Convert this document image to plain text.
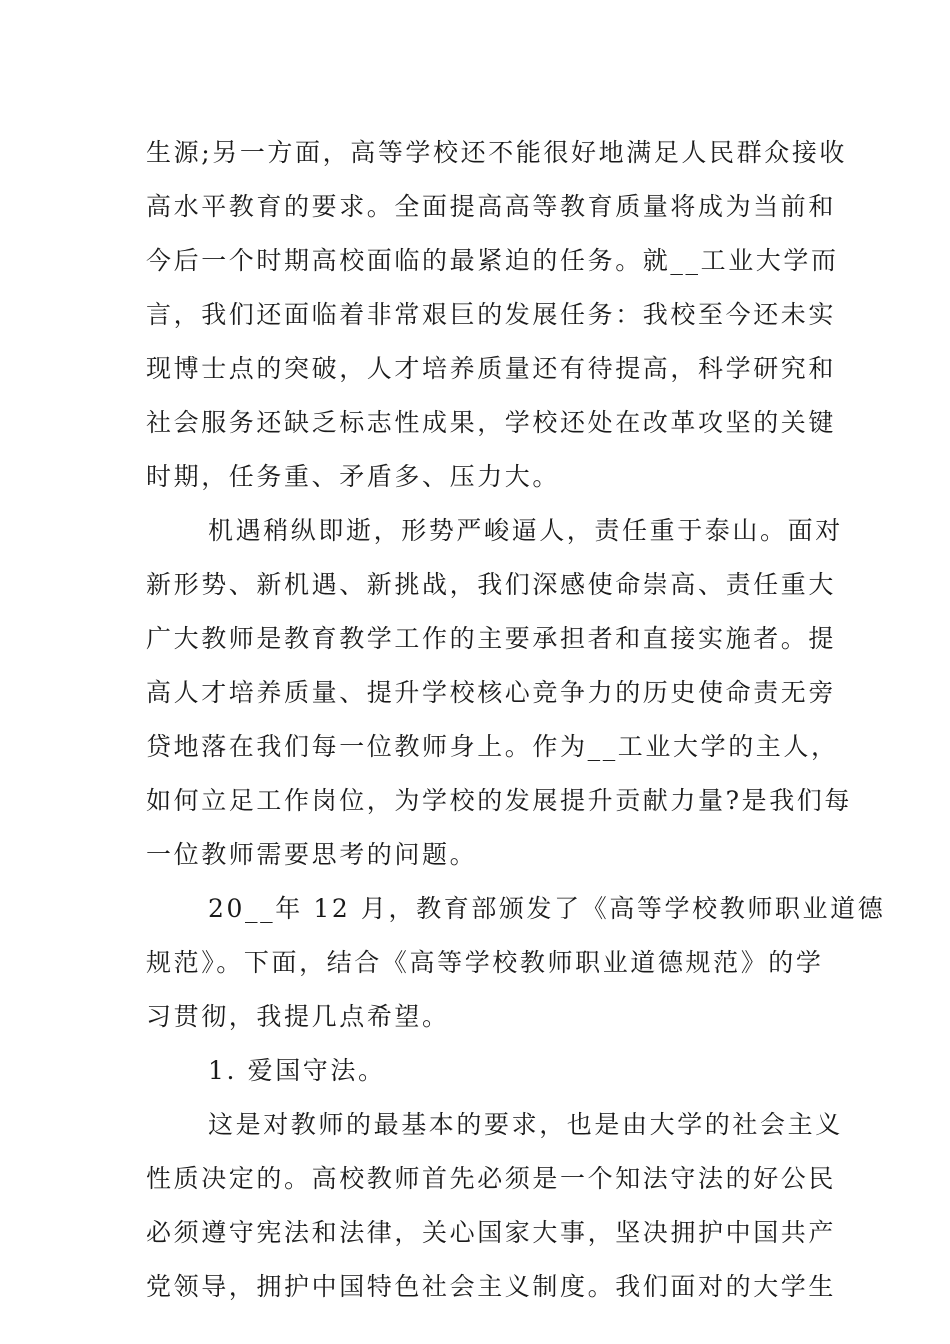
生源;另一方面，高等学校还不能很好地满足人民群众接收
高水平教育的要求。全面提高高等教育质量将成为当前和
今后一个时期高校面临的最紧迫的任务。就__工业大学而
言，我们还面临着非常艰巨的发展任务：我校至今还未实
现博士点的突破，人才培养质量还有待提高，科学研究和
社会服务还缺乏标志性成果，学校还处在改革攻坚的关键
时期，任务重、矛盾多、压力大。
机遇稍纵即逝，形势严峻逼人，责任重于泰山。面对
新形势、新机遇、新挑战，我们深感使命崇高、责任重大
广大教师是教育教学工作的主要承担者和直接实施者。提
高人才培养质量、提升学校核心竞争力的历史使命责无旁
贷地落在我们每一位教师身上。作为__工业大学的主人，
如何立足工作岗位，为学校的发展提升贡献力量?是我们每
一位教师需要思考的问题。
20__年 12 月，教育部颁发了《高等学校教师职业道德
规范》。下面，结合《高等学校教师职业道德规范》的学
习贯彻，我提几点希望。
1. 爱国守法。
这是对教师的最基本的要求，也是由大学的社会主义
性质决定的。高校教师首先必须是一个知法守法的好公民
必须遵守宪法和法律，关心国家大事，坚决拥护中国共产
党领导，拥护中国特色社会主义制度。我们面对的大学生
